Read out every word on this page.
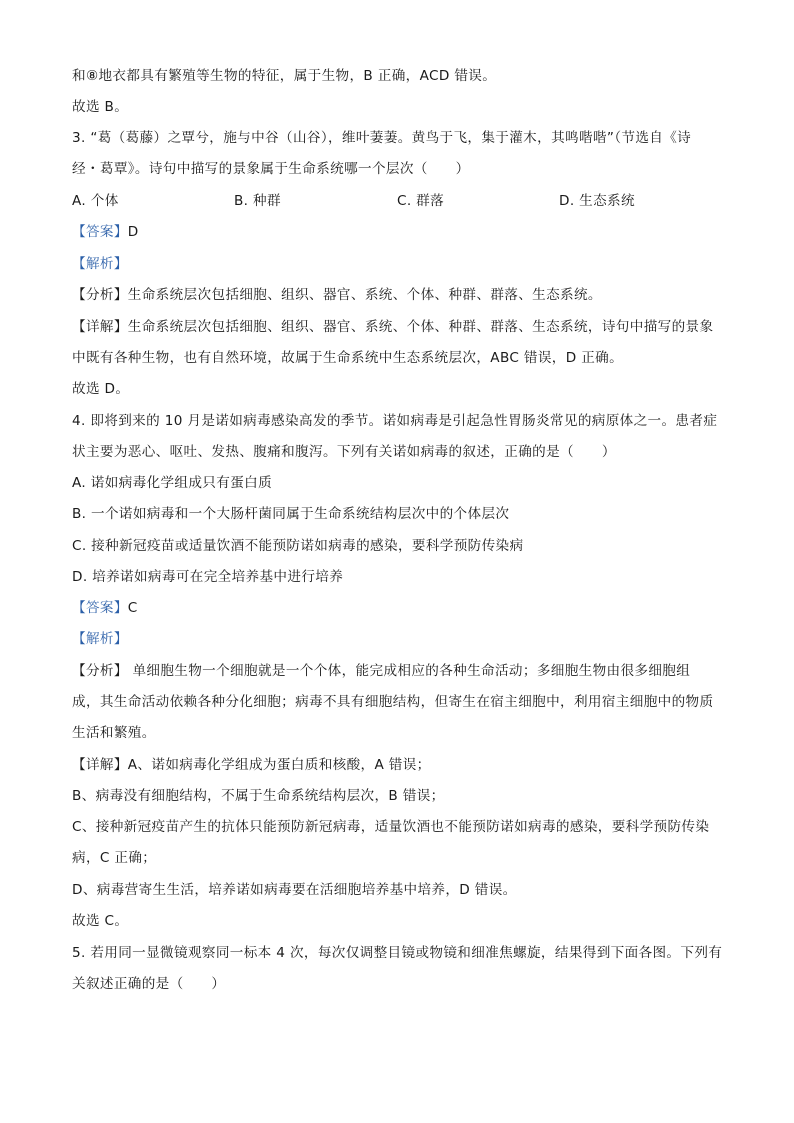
和⑧地衣都具有繁殖等生物的特征，属于生物，B 正确，ACD 错误。
故选 B。
3. “葛（葛藤）之覃兮，施与中谷（山谷），维叶萋萋。黄鸟于飞，集于灌木，其鸣喈喈”（节选自《诗
经・葛覃》。诗句中描写的景象属于生命系统哪一个层次（　　）
A. 个体	B. 种群	C. 群落	D. 生态系统
【答案】D
【解析】
【分析】生命系统层次包括细胞、组织、器官、系统、个体、种群、群落、生态系统。
【详解】生命系统层次包括细胞、组织、器官、系统、个体、种群、群落、生态系统，诗句中描写的景象
中既有各种生物，也有自然环境，故属于生命系统中生态系统层次，ABC 错误，D 正确。
故选 D。
4. 即将到来的 10 月是诺如病毒感染高发的季节。诺如病毒是引起急性胃肠炎常见的病原体之一。患者症
状主要为恶心、呕吐、发热、腹痛和腹泻。下列有关诺如病毒的叙述，正确的是（　　）
A. 诺如病毒化学组成只有蛋白质
B. 一个诺如病毒和一个大肠杆菌同属于生命系统结构层次中的个体层次
C. 接种新冠疫苗或适量饮酒不能预防诺如病毒的感染，要科学预防传染病
D. 培养诺如病毒可在完全培养基中进行培养
【答案】C
【解析】
【分析】 单细胞生物一个细胞就是一个个体，能完成相应的各种生命活动；多细胞生物由很多细胞组
成，其生命活动依赖各种分化细胞；病毒不具有细胞结构，但寄生在宿主细胞中，利用宿主细胞中的物质
生活和繁殖。
【详解】A、诺如病毒化学组成为蛋白质和核酸，A 错误；
B、病毒没有细胞结构，不属于生命系统结构层次，B 错误；
C、接种新冠疫苗产生的抗体只能预防新冠病毒，适量饮酒也不能预防诺如病毒的感染，要科学预防传染
病，C 正确；
D、病毒营寄生生活，培养诺如病毒要在活细胞培养基中培养，D 错误。
故选 C。
5. 若用同一显微镜观察同一标本 4 次，每次仅调整目镜或物镜和细准焦螺旋，结果得到下面各图。下列有
关叙述正确的是（　　）
